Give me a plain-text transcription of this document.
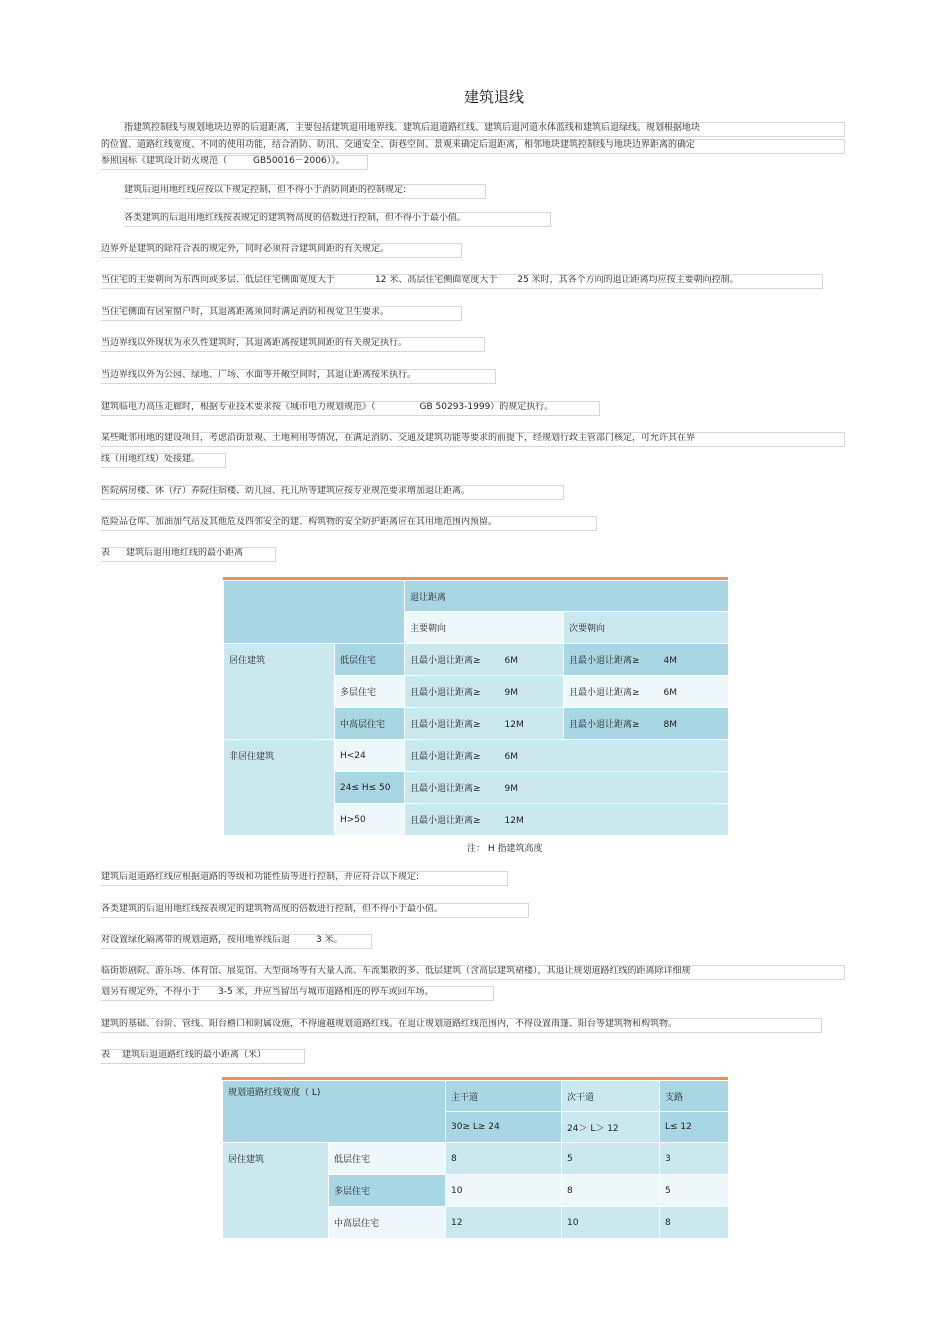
建筑退线
指建筑控制线与规划地块边界的后退距离，主要包括建筑退用地界线、建筑后退道路红线、建筑后退河道水体蓝线和建筑后退绿线。规划根据地块
的位置、道路红线宽度、不同的使用功能，结合消防、防汛、交通安全、街巷空间、景观来确定后退距离，相邻地块建筑控制线与地块边界距离的确定
参照国标《建筑设计防火规范（	GB50016－2006）》。
建筑后退用地红线应按以下规定控制，但不得小于消防间距的控制规定:
各类建筑的后退用地红线按表规定的建筑物高度的倍数进行控制，但不得小于最小值。
边界外是建筑的除符合表的规定外，同时必须符合建筑间距的有关规定。
当住宅的主要朝向为东西向或多层、低层住宅侧面宽度大于	12 米、高层住宅侧面宽度大于 25 米时，其各个方向的退让距离均应按主要朝向控制。
当住宅侧面有居室窗户时，其退离距离须同时满足消防和视觉卫生要求。
当边界线以外现状为永久性建筑时，其退离距离按建筑间距的有关规定执行。
当边界线以外为公园、绿地、广场、水面等开敞空间时，其退让距离按米执行。
建筑临电力高压走廊时，根据专业技术要求按《城市电力规划规范》（	GB 50293-1999）的规定执行。
某些毗邻用地的建设项目，考虑沿街景观、土地利用等情况，在满足消防、交通及建筑功能等要求的前提下，经规划行政主管部门核定，可允许其在界
线（用地红线）处接建。
医院病房楼、休（疗）养院住宿楼、幼儿园、托儿所等建筑应按专业规范要求增加退让距离。
危险品仓库、加油加气站及其他危及四邻安全的建、构筑物的安全防护距离应在其用地范围内预留。
表 建筑后退用地红线的最小距离
		退让距离	
		主要朝向	次要朝向
居住建筑	低层住宅	且最小退让距离≥ 6M	且最小退让距离≥ 4M
	多层住宅	且最小退让距离≥ 9M	且最小退让距离≥ 6M
	中高层住宅	且最小退让距离≥ 12M	且最小退让距离≥ 8M
非居住建筑	H<24	且最小退让距离≥ 6M	
	24≤ H≤ 50	且最小退让距离≥ 9M	
	H>50	且最小退让距离≥ 12M	
注： H 指建筑高度
建筑后退道路红线应根据道路的等级和功能性质等进行控制，并应符合以下规定:
各类建筑的后退用地红线按表规定的建筑物高度的倍数进行控制，但不得小于最小值。
对设置绿化隔离带的规划道路，按用地界线后退	3 米。
临街影剧院、游乐场、体育馆、展览馆、大型商场等有大量人流、车流集散的多、低层建筑（含高层建筑裙楼），其退让规划道路红线的距离除详细规
划另有规定外，不得小于 3-5 米，并应当留出与城市道路相连的停车或回车场。
建筑的基础、台阶、管线、阳台檐口和附属设施，不得逾越规划道路红线。在退让规划道路红线范围内，不得设置雨篷、阳台等建筑物和构筑物。
表 建筑后退道路红线的最小距离（米）
规划道路红线宽度（ L)		主干道	次干道	支路
		30≥ L≥ 24	24＞ L＞ 12	L≤ 12
居住建筑	低层住宅	8	5	3
	多层住宅	10	8	5
	中高层住宅	12	10	8
